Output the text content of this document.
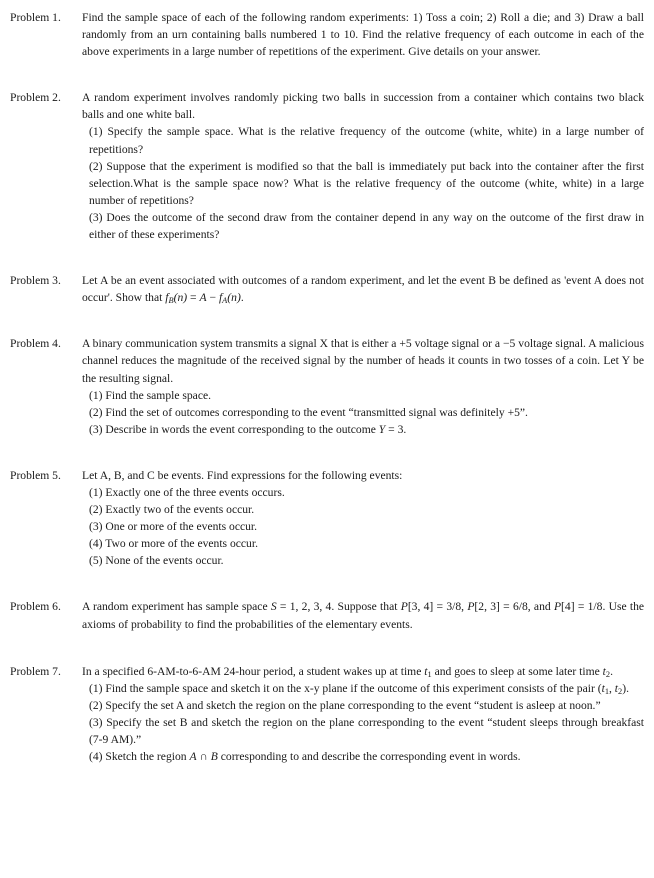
Problem 1.	Find the sample space of each of the following random experiments: 1) Toss a coin; 2) Roll a die; and 3) Draw a ball randomly from an urn containing balls numbered 1 to 10. Find the relative frequency of each outcome in each of the above experiments in a large number of repetitions of the experiment. Give details on your answer.

Problem 2.	A random experiment involves randomly picking two balls in succession from a container which contains two black balls and one white ball.

(1) Specify the sample space. What is the relative frequency of the outcome (white, white) in a large number of repetitions?

(2) Suppose that the experiment is modified so that the ball is immediately put back into the container after the first selection.What is the sample space now? What is the relative frequency of the outcome (white, white) in a large number of repetitions?

(3) Does the outcome of the second draw from the container depend in any way on the outcome of the first draw in either of these experiments?

Problem 3.	Let A be an event associated with outcomes of a random experiment, and let the event B be defined as 'event A does not occur'. Show that $f_B(n) = A - f_A(n)$.

Problem 4.	A binary communication system transmits a signal X that is either a +5 voltage signal or a −5 voltage signal. A malicious channel reduces the magnitude of the received signal by the number of heads it counts in two tosses of a coin. Let Y be the resulting signal.

(1) Find the sample space.

(2) Find the set of outcomes corresponding to the event “transmitted signal was definitely +5”.

(3) Describe in words the event corresponding to the outcome Y = 3.

Problem 5.	Let A, B, and C be events. Find expressions for the following events:

(1) Exactly one of the three events occurs.

(2) Exactly two of the events occur.

(3) One or more of the events occur.

(4) Two or more of the events occur.

(5) None of the events occur.

Problem 6.	A random experiment has sample space S = 1, 2, 3, 4. Suppose that P[3, 4] = 3/8, P[2, 3] = 6/8, and P[4] = 1/8. Use the axioms of probability to find the probabilities of the elementary events.

Problem 7.	In a specified 6-AM-to-6-AM 24-hour period, a student wakes up at time $t_1$ and goes to sleep at some later time $t_2$.

(1) Find the sample space and sketch it on the x-y plane if the outcome of this experiment consists of the pair ($t_1$, $t_2$).

(2) Specify the set A and sketch the region on the plane corresponding to the event “student is asleep at noon.”

(3) Specify the set B and sketch the region on the plane corresponding to the event “student sleeps through breakfast (7-9 AM).”

(4) Sketch the region A ∩ B corresponding to and describe the corresponding event in words.
